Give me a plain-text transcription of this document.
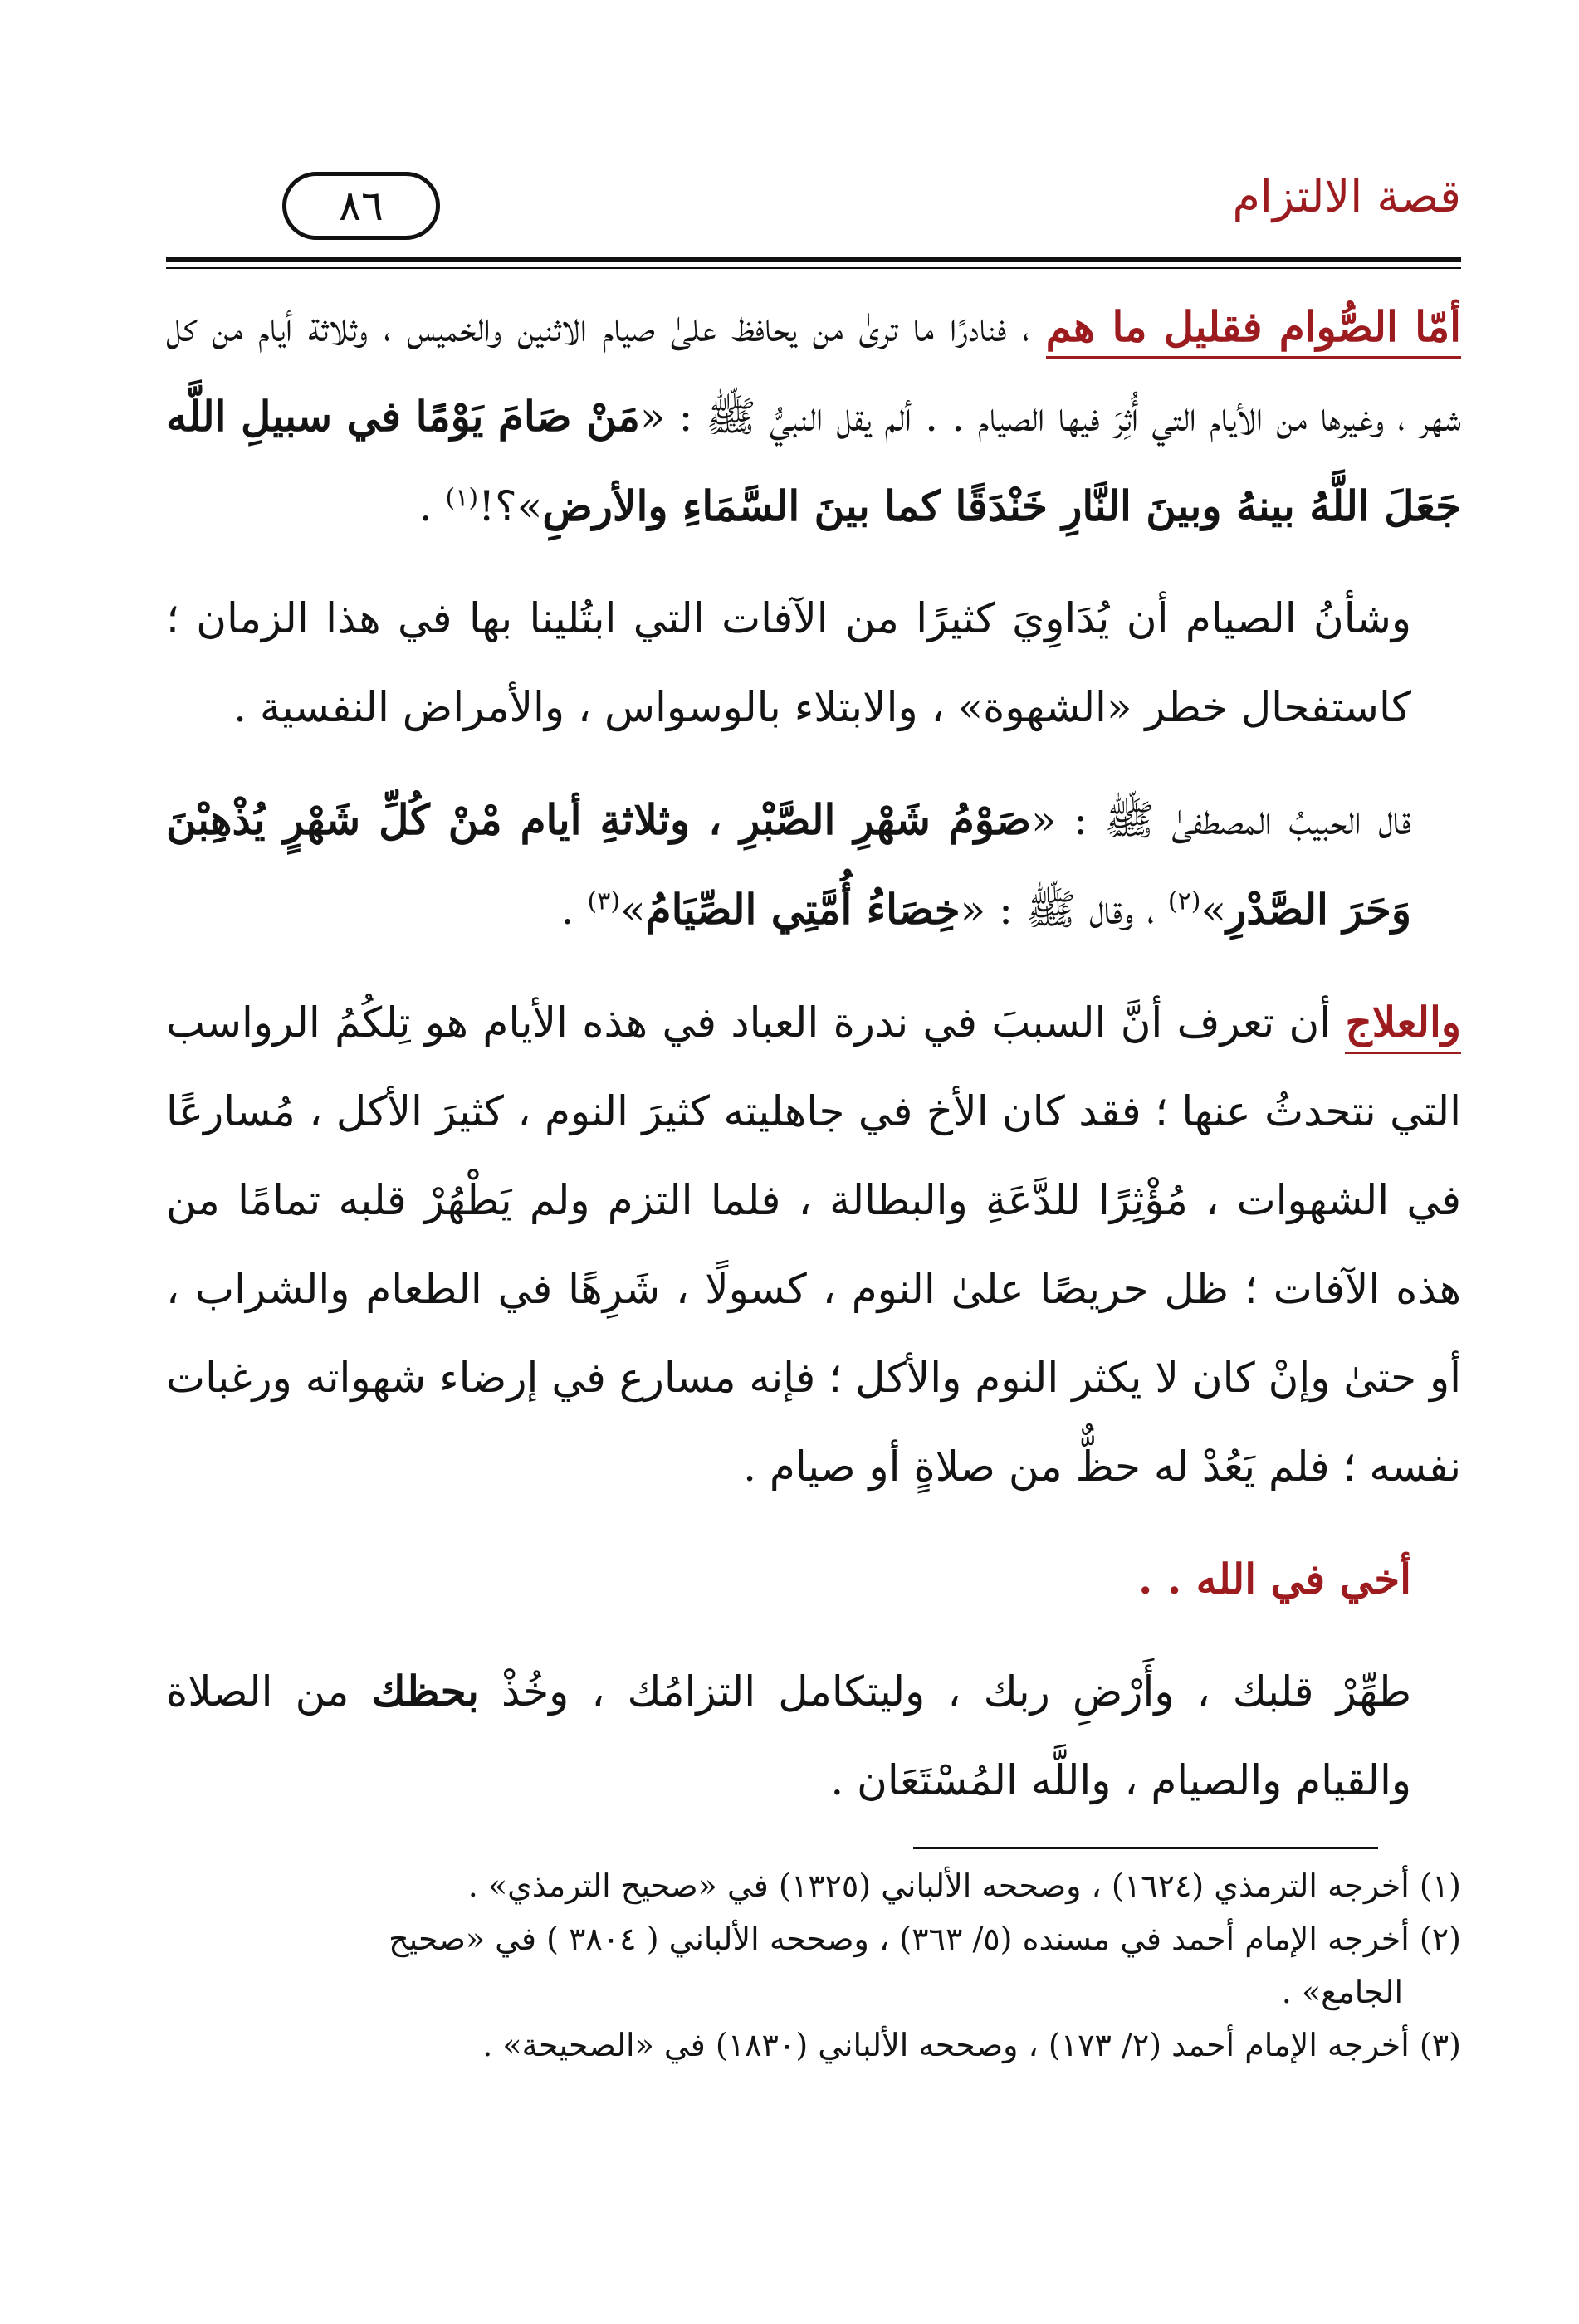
قصة الالتزام
٨٦

أمّا الصُّوام فقليل ما هم ، فنادرًا ما ترىٰ من يحافظ علىٰ صيام الاثنين والخميس ، وثلاثة أيام من كل شهر ، وغيرها من الأيام التي أُثِرَ فيها الصيام . . ألم يقل النبيُّ ﷺ : «مَنْ صَامَ يَوْمًا في سبيلِ اللَّه جَعَلَ اللَّهُ بينهُ وبينَ النَّارِ خَنْدَقًا كما بينَ السَّمَاءِ والأرضِ»؟!$^{(١)}$ .

وشأنُ الصيام أن يُدَاوِيَ كثيرًا من الآفات التي ابتُلينا بها في هذا الزمان ؛ كاستفحال خطر «الشهوة» ، والابتلاء بالوسواس ، والأمراض النفسية .

قال الحبيبُ المصطفىٰ ﷺ : «صَوْمُ شَهْرِ الصَّبْرِ ، وثلاثةِ أيام مْنْ كُلِّ شَهْرٍ يُذْهِبْنَ وَحَرَ الصَّدْرِ»$^{(٢)}$ ، وقال ﷺ : «خِصَاءُ أُمَّتِي الصِّيَامُ»$^{(٣)}$ .

والعلاج أن تعرف أنَّ السببَ في ندرة العباد في هذه الأيام هو تِلكُمُ الرواسب التي نتحدثُ عنها ؛ فقد كان الأخ في جاهليته كثيرَ النوم ، كثيرَ الأكل ، مُسارعًا في الشهوات ، مُؤْثِرًا للدَّعَةِ والبطالة ، فلما التزم ولم يَطْهُرْ قلبه تمامًا من هذه الآفات ؛ ظل حريصًا علىٰ النوم ، كسولًا ، شَرِهًا في الطعام والشراب ، أو حتىٰ وإنْ كان لا يكثر النوم والأكل ؛ فإنه مسارع في إرضاء شهواته ورغبات نفسه ؛ فلم يَعُدْ له حظٌّ من صلاةٍ أو صيام .

أخي في الله . .

طهِّرْ قلبك ، وأَرْضِ ربك ، وليتكامل التزامُك ، وخُذْ بحظك من الصلاة والقيام والصيام ، واللَّه المُسْتَعَان .

(١) أخرجه الترمذي (١٦٢٤) ، وصححه الألباني (١٣٢٥) في «صحيح الترمذي» .

(٢) أخرجه الإمام أحمد في مسنده (٥/ ٣٦٣) ، وصححه الألباني ( ٣٨٠٤ ) في «صحيح

الجامع» .

(٣) أخرجه الإمام أحمد (٢/ ١٧٣) ، وصححه الألباني (١٨٣٠) في «الصحيحة» .
